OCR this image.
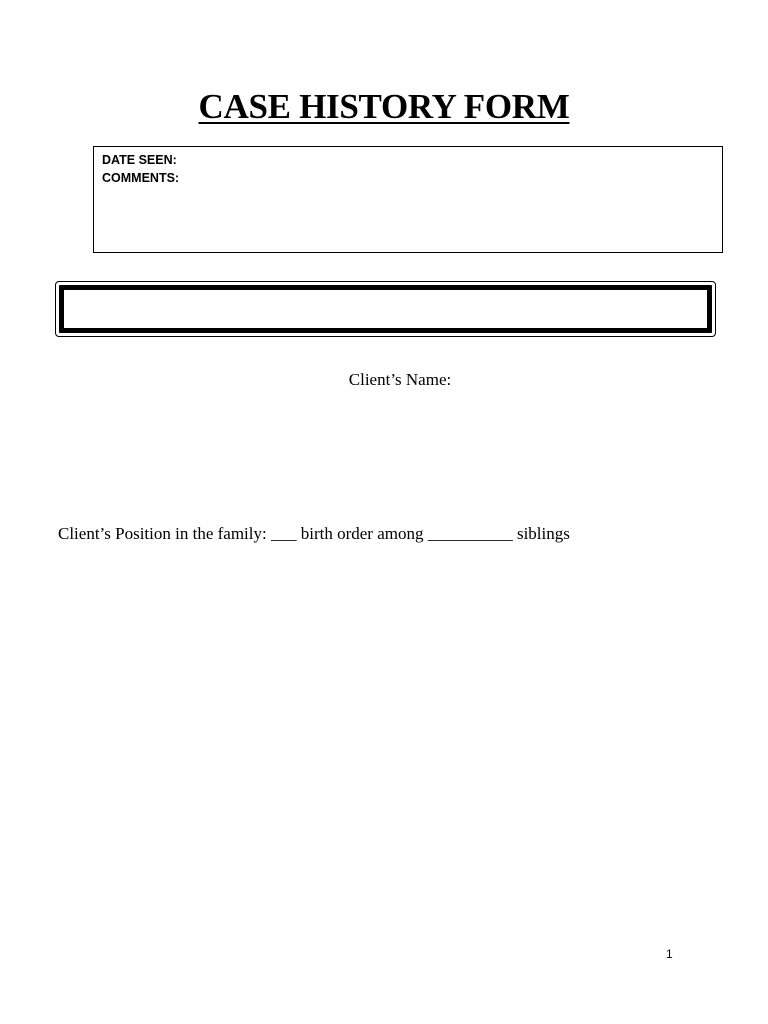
CASE HISTORY FORM
DATE SEEN:
COMMENTS:
Client’s Name:
Client’s Position in the family: ___ birth order among __________ siblings
1
